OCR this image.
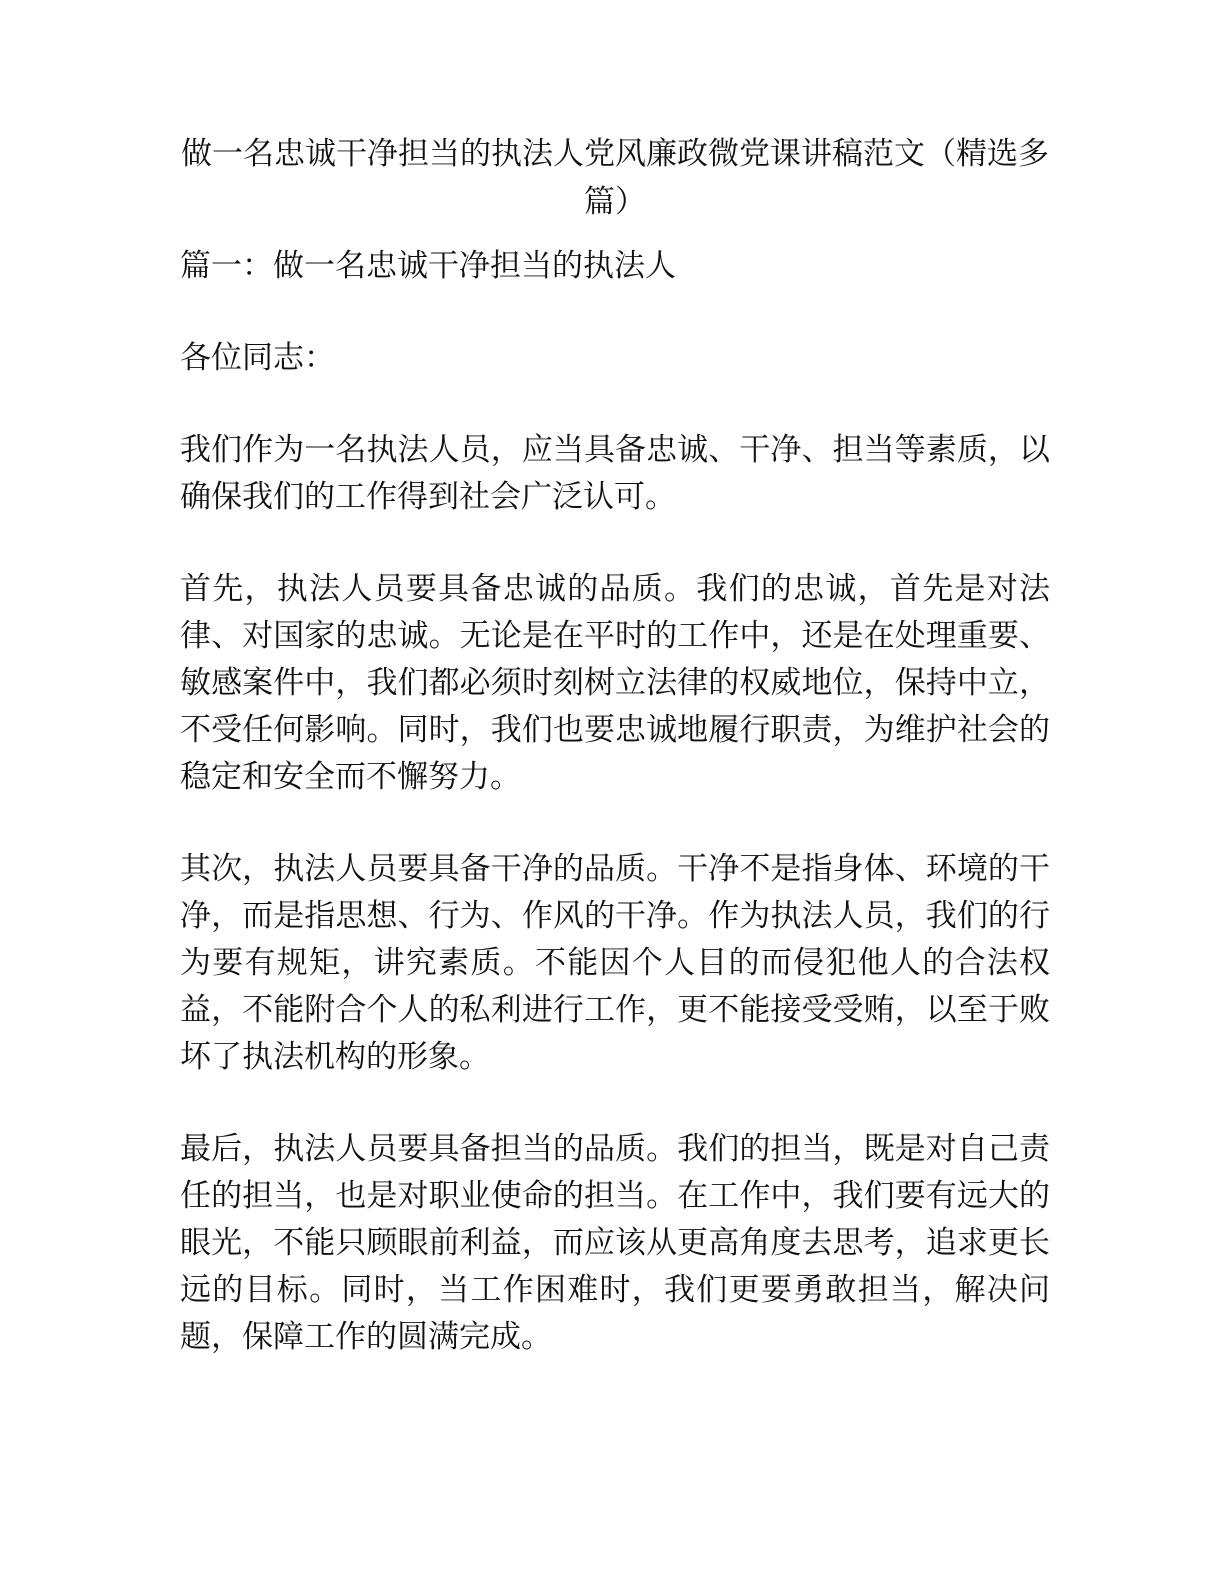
做一名忠诚干净担当的执法人党风廉政微党课讲稿范文（精选多篇）

篇一：做一名忠诚干净担当的执法人

各位同志：

我们作为一名执法人员，应当具备忠诚、干净、担当等素质，以确保我们的工作得到社会广泛认可。

首先，执法人员要具备忠诚的品质。我们的忠诚，首先是对法律、对国家的忠诚。无论是在平时的工作中，还是在处理重要、敏感案件中，我们都必须时刻树立法律的权威地位，保持中立，不受任何影响。同时，我们也要忠诚地履行职责，为维护社会的稳定和安全而不懈努力。

其次，执法人员要具备干净的品质。干净不是指身体、环境的干净，而是指思想、行为、作风的干净。作为执法人员，我们的行为要有规矩，讲究素质。不能因个人目的而侵犯他人的合法权益，不能附合个人的私利进行工作，更不能接受受贿，以至于败坏了执法机构的形象。

最后，执法人员要具备担当的品质。我们的担当，既是对自己责任的担当，也是对职业使命的担当。在工作中，我们要有远大的眼光，不能只顾眼前利益，而应该从更高角度去思考，追求更长远的目标。同时，当工作困难时，我们更要勇敢担当，解决问题，保障工作的圆满完成。
